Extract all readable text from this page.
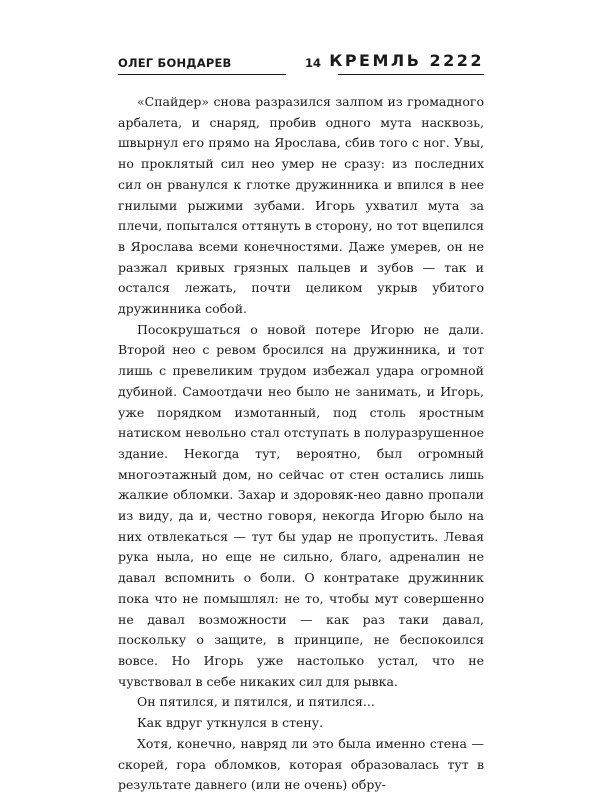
ОЛЕГ БОНДАРЕВ	14 КРЕМЛЬ 2222

«Спайдер» снова разразился залпом из громадного арбалета, и снаряд, пробив одного мута насквозь, швырнул его прямо на Ярослава, сбив того с ног. Увы, но проклятый сил нео умер не сразу: из последних сил он рванулся к глотке дружинника и впился в нее гнилыми рыжими зубами. Игорь ухватил мута за плечи, попытался оттянуть в сторону, но тот вцепился в Ярослава всеми конечностями. Даже умерев, он не разжал кривых грязных пальцев и зубов — так и остался лежать, почти целиком укрыв убитого дружинника собой.

Посокрушаться о новой потере Игорю не дали. Второй нео с ревом бросился на дружинника, и тот лишь с превеликим трудом избежал удара огромной дубиной. Самоотдачи нео было не занимать, и Игорь, уже порядком измотанный, под столь яростным натиском невольно стал отступать в полуразрушенное здание. Некогда тут, вероятно, был огромный многоэтажный дом, но сейчас от стен остались лишь жалкие обломки. Захар и здоровяк-нео давно пропали из виду, да и, честно говоря, некогда Игорю было на них отвлекаться — тут бы удар не пропустить. Левая рука ныла, но еще не сильно, благо, адреналин не давал вспомнить о боли. О контратаке дружинник пока что не помышлял: не то, чтобы мут совершенно не давал возможности — как раз таки давал, поскольку о защите, в принципе, не беспокоился вовсе. Но Игорь уже настолько устал, что не чувствовал в себе никаких сил для рывка.

Он пятился, и пятился, и пятился...

Как вдруг уткнулся в стену.

Хотя, конечно, навряд ли это была именно стена — скорей, гора обломков, которая образовалась тут в результате давнего (или не очень) обру-
